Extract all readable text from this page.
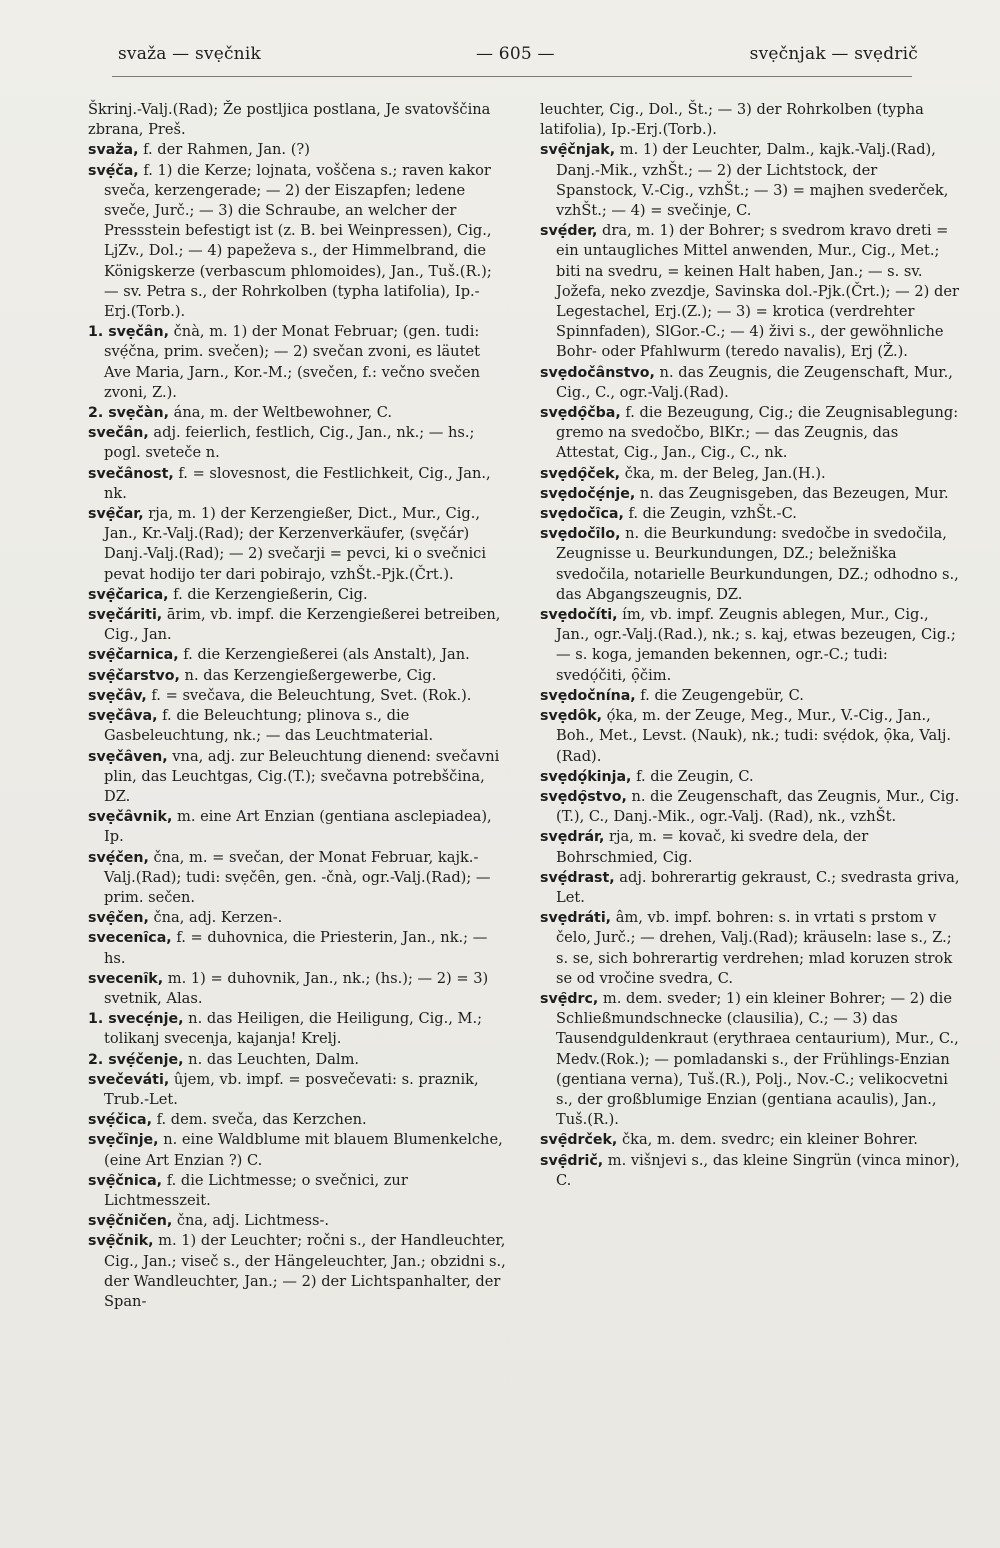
svaža — svẹčnik	— 605 —	svẹčnjak — svẹdrič

Škrinj.-Valj.(Rad); Že postljica postlana, Je svatovščina zbrana, Preš.

svaža, f. der Rahmen, Jan. (?)

svẹ́ča, f. 1) die Kerze; lojnata, voščena s.; raven kakor sveča, kerzengerade; — 2) der Eiszapfen; ledene sveče, Jurč.; — 3) die Schraube, an welcher der Pressstein befestigt ist (z. B. bei Weinpressen), Cig., LjZv., Dol.; — 4) papeževa s., der Himmelbrand, die Königskerze (verbascum phlomoides), Jan., Tuš.(R.); — sv. Petra s., der Rohrkolben (typha latifolia), Ip.-Erj.(Torb.).

1. svẹčȃn, čnà, m. 1) der Monat Februar; (gen. tudi: svẹ́čna, prim. svečen); — 2) svečan zvoni, es läutet Ave Maria, Jarn., Kor.-M.; (svečen, f.: večno svečen zvoni, Z.).

2. svẹčàn, ána, m. der Weltbewohner, C.

svečȃn, adj. feierlich, festlich, Cig., Jan., nk.; — hs.; pogl. sveteče n.

svečȃnost, f. = slovesnost, die Festlichkeit, Cig., Jan., nk.

svẹ̑čar, rja, m. 1) der Kerzengießer, Dict., Mur., Cig., Jan., Kr.-Valj.(Rad); der Kerzenverkäufer, (svẹčár) Danj.-Valj.(Rad); — 2) svečarji = pevci, ki o svečnici pevat hodijo ter dari pobirajo, vzhŠt.-Pjk.(Črt.).

svẹ̑čarica, f. die Kerzengießerin, Cig.

svẹčáriti, ārim, vb. impf. die Kerzengießerei betreiben, Cig., Jan.

svẹ̑čarnica, f. die Kerzengießerei (als Anstalt), Jan.

svẹ̑čarstvo, n. das Kerzengießergewerbe, Cig.

svẹčȃv, f. = svečava, die Beleuchtung, Svet. (Rok.).

svẹčȃva, f. die Beleuchtung; plinova s., die Gasbeleuchtung, nk.; — das Leuchtmaterial.

svẹčȃven, vna, adj. zur Beleuchtung dienend: svečavni plin, das Leuchtgas, Cig.(T.); svečavna potrebščina, DZ.

svẹčȃvnik, m. eine Art Enzian (gentiana asclepiadea), Ip.

svẹ́čen, čna, m. = svečan, der Monat Februar, kajk.-Valj.(Rad); tudi: svẹčȇn, gen. -čnà, ogr.-Valj.(Rad); — prim. sečen.

svẹ̑čen, čna, adj. Kerzen-.

svecenȋca, f. = duhovnica, die Priesterin, Jan., nk.; — hs.

svecenȋk, m. 1) = duhovnik, Jan., nk.; (hs.); — 2) = 3) svetnik, Alas.

1. svecẹ́nje, n. das Heiligen, die Heiligung, Cig., M.; tolikanj svecenja, kajanja! Krelj.

2. svẹ́čenje, n. das Leuchten, Dalm.

svečeváti, ûjem, vb. impf. = posvečevati: s. praznik, Trub.-Let.

svẹ́čica, f. dem. sveča, das Kerzchen.

svẹčȋnje, n. eine Waldblume mit blauem Blumenkelche, (eine Art Enzian ?) C.

svẹ̑čnica, f. die Lichtmesse; o svečnici, zur Lichtmesszeit.

svẹ̑čničen, čna, adj. Lichtmess-.

svẹ̑čnik, m. 1) der Leuchter; ročni s., der Handleuchter, Cig., Jan.; viseč s., der Hängeleuchter, Jan.; obzidni s., der Wandleuchter, Jan.; — 2) der Lichtspanhalter, der Span-

leuchter, Cig., Dol., Št.; — 3) der Rohrkolben (typha latifolia), Ip.-Erj.(Torb.).

svẹ̑čnjak, m. 1) der Leuchter, Dalm., kajk.-Valj.(Rad), Danj.-Mik., vzhŠt.; — 2) der Lichtstock, der Spanstock, V.-Cig., vzhŠt.; — 3) = majhen svederček, vzhŠt.; — 4) = svečinje, C.

svẹ́der, dra, m. 1) der Bohrer; s svedrom kravo dreti = ein untaugliches Mittel anwenden, Mur., Cig., Met.; biti na svedru, = keinen Halt haben, Jan.; — s. sv. Jožefa, neko zvezdje, Savinska dol.-Pjk.(Črt.); — 2) der Legestachel, Erj.(Z.); — 3) = krotica (verdrehter Spinnfaden), SlGor.-C.; — 4) živi s., der gewöhnliche Bohr- oder Pfahlwurm (teredo navalis), Erj (Ž.).

svẹdočȃnstvo, n. das Zeugnis, die Zeugenschaft, Mur., Cig., C., ogr.-Valj.(Rad).

svẹdọ̑čba, f. die Bezeugung, Cig.; die Zeugnisablegung: gremo na svedočbo, BlKr.; — das Zeugnis, das Attestat, Cig., Jan., Cig., C., nk.

svẹdọ̑ček, čka, m. der Beleg, Jan.(H.).

svẹdočẹ́nje, n. das Zeugnisgeben, das Bezeugen, Mur.

svẹdočȋca, f. die Zeugin, vzhŠt.-C.

svẹdočȋlo, n. die Beurkundung: svedočbe in svedočila, Zeugnisse u. Beurkundungen, DZ.; beležniška svedočila, notarielle Beurkundungen, DZ.; odhodno s., das Abgangszeugnis, DZ.

svẹdočíti, ím, vb. impf. Zeugnis ablegen, Mur., Cig., Jan., ogr.-Valj.(Rad.), nk.; s. kaj, etwas bezeugen, Cig.; — s. koga, jemanden bekennen, ogr.-C.; tudi: svedọ́čiti, ọ̑čim.

svẹdočnína, f. die Zeugengebür, C.

svẹdȏk, ọ́ka, m. der Zeuge, Meg., Mur., V.-Cig., Jan., Boh., Met., Levst. (Nauk), nk.; tudi: svẹ́dok, ọ̑ka, Valj.(Rad).

svẹdọ́kinja, f. die Zeugin, C.

svẹdọ̑stvo, n. die Zeugenschaft, das Zeugnis, Mur., Cig.(T.), C., Danj.-Mik., ogr.-Valj. (Rad), nk., vzhŠt.

svẹdrár, rja, m. = kovač, ki svedre dela, der Bohrschmied, Cig.

svẹ́drast, adj. bohrerartig gekraust, C.; svedrasta griva, Let.

svẹdráti, âm, vb. impf. bohren: s. in vrtati s prstom v čelo, Jurč.; — drehen, Valj.(Rad); kräuseln: lase s., Z.; s. se, sich bohrerartig verdrehen; mlad koruzen strok se od vročine svedra, C.

svẹ̑drc, m. dem. sveder; 1) ein kleiner Bohrer; — 2) die Schließmundschnecke (clausilia), C.; — 3) das Tausendguldenkraut (erythraea centaurium), Mur., C., Medv.(Rok.); — pomladanski s., der Frühlings-Enzian (gentiana verna), Tuš.(R.), Polj., Nov.-C.; velikocvetni s., der großblumige Enzian (gentiana acaulis), Jan., Tuš.(R.).

svẹ̑drček, čka, m. dem. svedrc; ein kleiner Bohrer.

svẹ̑drič, m. višnjevi s., das kleine Singrün (vinca minor), C.
